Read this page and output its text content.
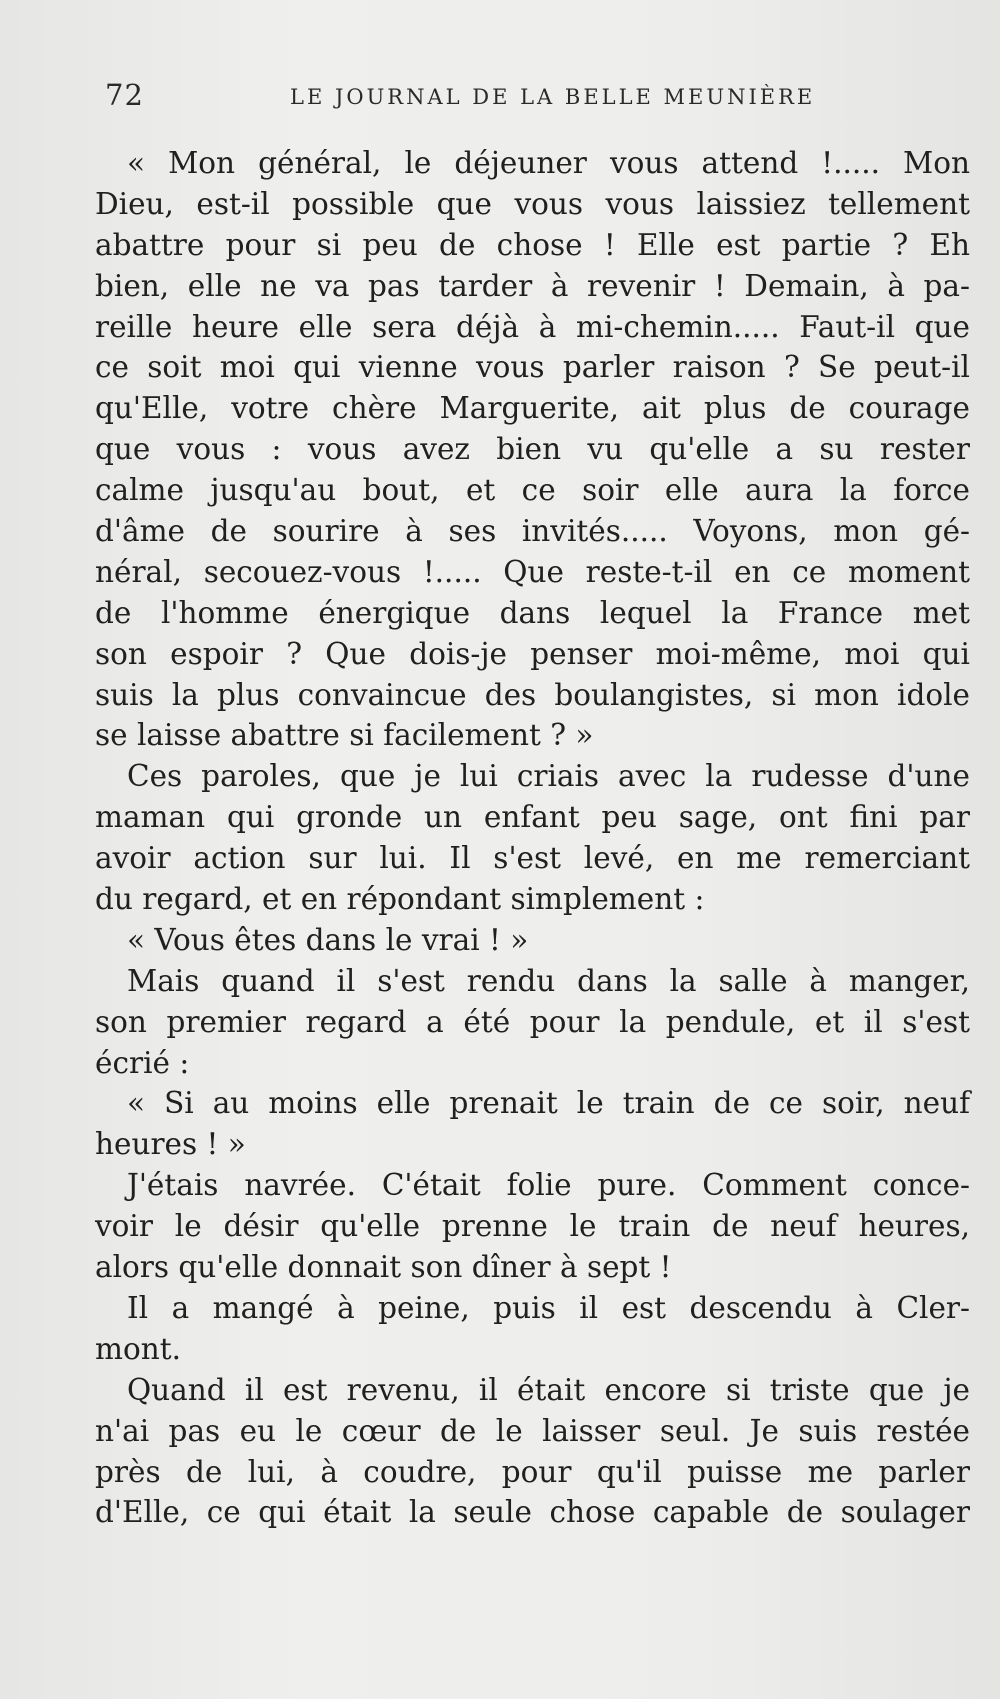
72	LE JOURNAL DE LA BELLE MEUNIÈRE
« Mon général, le déjeuner vous attend !..... Mon
Dieu, est-il possible que vous vous laissiez tellement
abattre pour si peu de chose ! Elle est partie ? Eh
bien, elle ne va pas tarder à revenir ! Demain, à pa-
reille heure elle sera déjà à mi-chemin..... Faut-il que
ce soit moi qui vienne vous parler raison ? Se peut-il
qu'Elle, votre chère Marguerite, ait plus de courage
que vous : vous avez bien vu qu'elle a su rester
calme jusqu'au bout, et ce soir elle aura la force
d'âme de sourire à ses invités..... Voyons, mon gé-
néral, secouez-vous !..... Que reste-t-il en ce moment
de l'homme énergique dans lequel la France met
son espoir ? Que dois-je penser moi-même, moi qui
suis la plus convaincue des boulangistes, si mon idole
se laisse abattre si facilement ? »
Ces paroles, que je lui criais avec la rudesse d'une
maman qui gronde un enfant peu sage, ont fini par
avoir action sur lui. Il s'est levé, en me remerciant
du regard, et en répondant simplement :
« Vous êtes dans le vrai ! »
Mais quand il s'est rendu dans la salle à manger,
son premier regard a été pour la pendule, et il s'est
écrié :
« Si au moins elle prenait le train de ce soir, neuf
heures ! »
J'étais navrée. C'était folie pure. Comment conce-
voir le désir qu'elle prenne le train de neuf heures,
alors qu'elle donnait son dîner à sept !
Il a mangé à peine, puis il est descendu à Cler-
mont.
Quand il est revenu, il était encore si triste que je
n'ai pas eu le cœur de le laisser seul. Je suis restée
près de lui, à coudre, pour qu'il puisse me parler
d'Elle, ce qui était la seule chose capable de soulager
